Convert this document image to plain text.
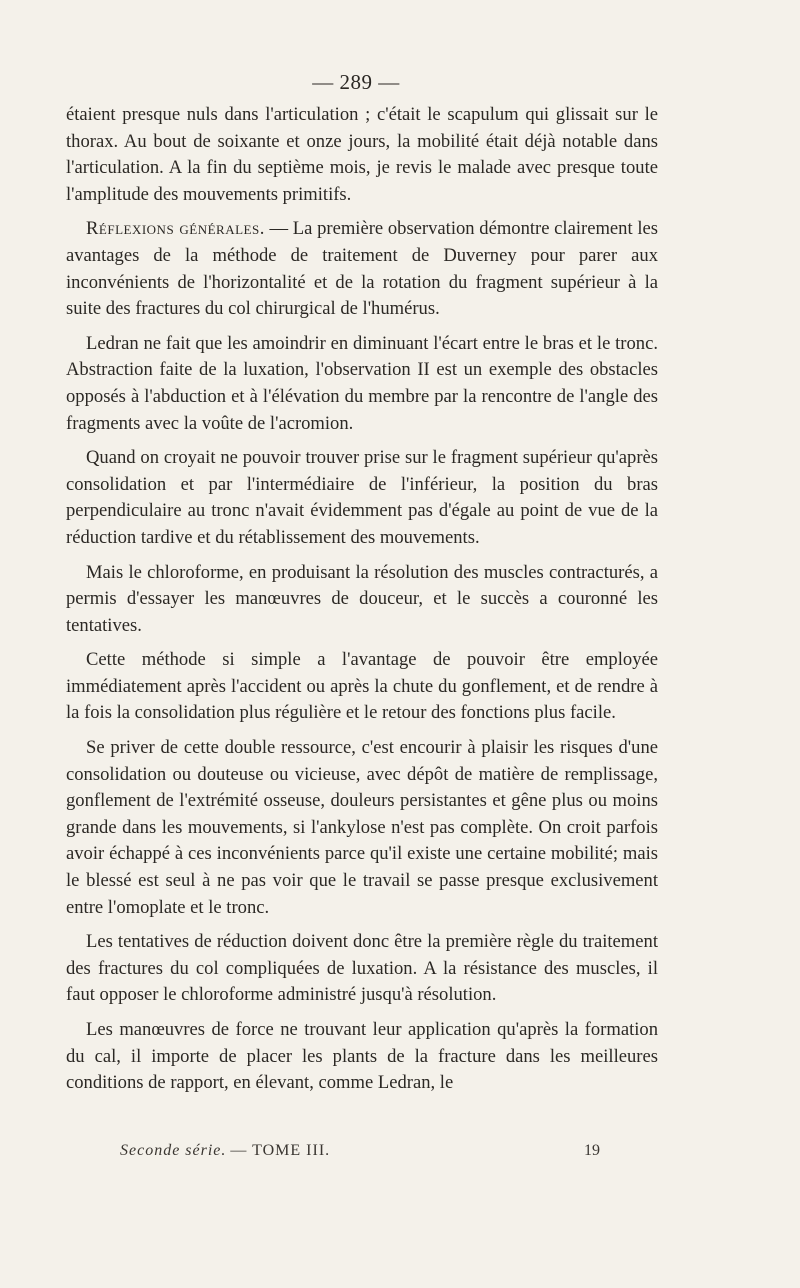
— 289 —

étaient presque nuls dans l'articulation ; c'était le scapulum qui glissait sur le thorax. Au bout de soixante et onze jours, la mobilité était déjà notable dans l'articulation. A la fin du septième mois, je revis le malade avec presque toute l'amplitude des mouvements primitifs.

Réflexions générales. — La première observation démontre clairement les avantages de la méthode de traitement de Duverney pour parer aux inconvénients de l'horizontalité et de la rotation du fragment supérieur à la suite des fractures du col chirurgical de l'humérus.

Ledran ne fait que les amoindrir en diminuant l'écart entre le bras et le tronc. Abstraction faite de la luxation, l'observation II est un exemple des obstacles opposés à l'abduction et à l'élévation du membre par la rencontre de l'angle des fragments avec la voûte de l'acromion.

Quand on croyait ne pouvoir trouver prise sur le fragment supérieur qu'après consolidation et par l'intermédiaire de l'inférieur, la position du bras perpendiculaire au tronc n'avait évidemment pas d'égale au point de vue de la réduction tardive et du rétablissement des mouvements.

Mais le chloroforme, en produisant la résolution des muscles contracturés, a permis d'essayer les manœuvres de douceur, et le succès a couronné les tentatives.

Cette méthode si simple a l'avantage de pouvoir être employée immédiatement après l'accident ou après la chute du gonflement, et de rendre à la fois la consolidation plus régulière et le retour des fonctions plus facile.

Se priver de cette double ressource, c'est encourir à plaisir les risques d'une consolidation ou douteuse ou vicieuse, avec dépôt de matière de remplissage, gonflement de l'extrémité osseuse, douleurs persistantes et gêne plus ou moins grande dans les mouvements, si l'ankylose n'est pas complète. On croit parfois avoir échappé à ces inconvénients parce qu'il existe une certaine mobilité; mais le blessé est seul à ne pas voir que le travail se passe presque exclusivement entre l'omoplate et le tronc.

Les tentatives de réduction doivent donc être la première règle du traitement des fractures du col compliquées de luxation. A la résistance des muscles, il faut opposer le chloroforme administré jusqu'à résolution.

Les manœuvres de force ne trouvant leur application qu'après la formation du cal, il importe de placer les plants de la fracture dans les meilleures conditions de rapport, en élevant, comme Ledran, le

Seconde série. — TOME III.	19
